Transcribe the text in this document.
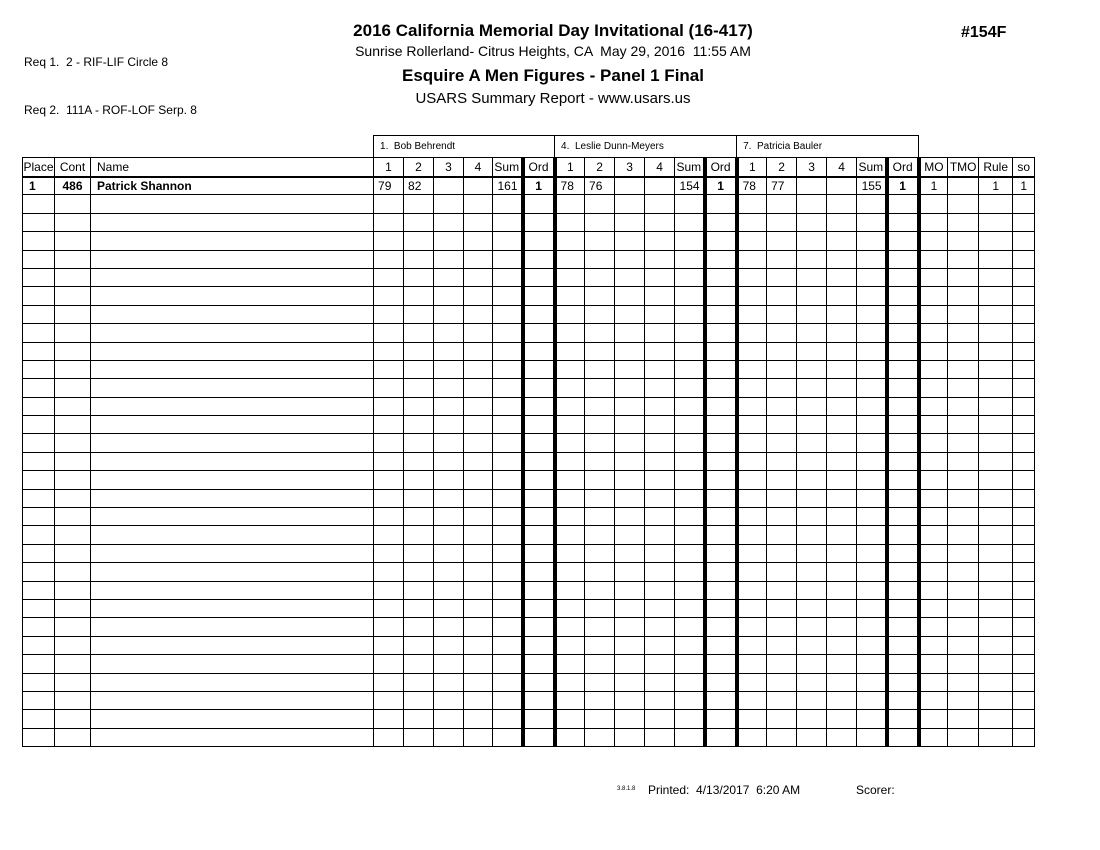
Req 1.  2 - RIF-LIF Circle 8

Req 2.  111A - ROF-LOF Serp. 8

2016 California Memorial Day Invitational (16-417)
Sunrise Rollerland- Citrus Heights, CA  May 29, 2016  11:55 AM
Esquire A Men Figures - Panel 1 Final
USARS Summary Report - www.usars.us
#154F
			1.  Bob Behrendt						4.  Leslie Dunn-Meyers						7.  Patricia Bauler									
Place	Cont	Name	1	2	3	4	Sum	Ord	1	2	3	4	Sum	Ord	1	2	3	4	Sum	Ord	MO	TMO	Rule	so
1	486	Patrick Shannon	79	82			161	1	78	76			154	1	78	77			155	1	1		1	1

3.8.1.8 Printed:  4/13/2017  6:20 AM	Scorer:
